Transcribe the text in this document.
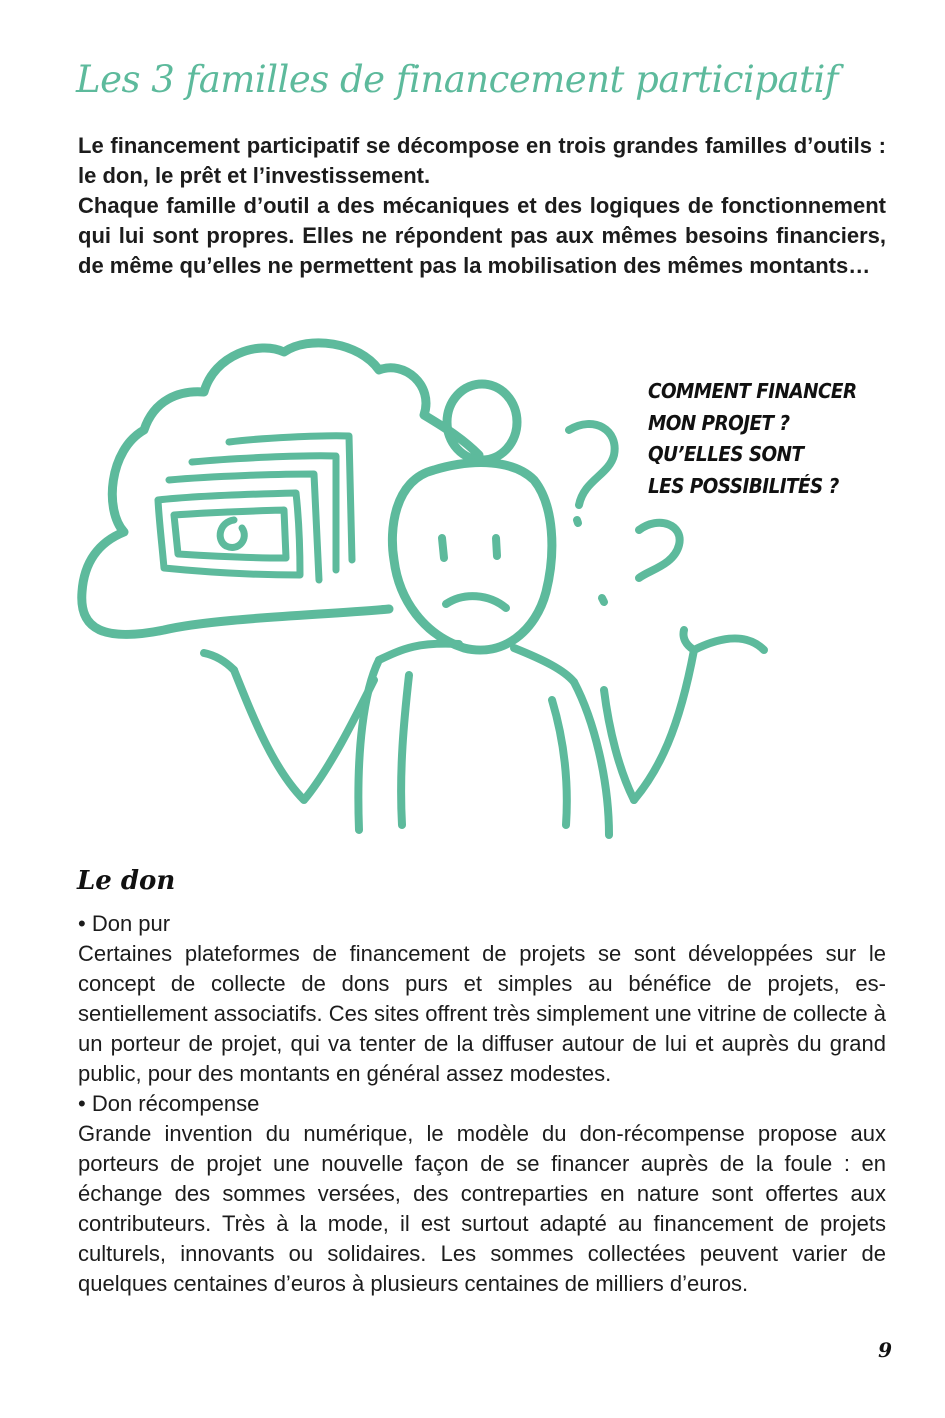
Les 3 familles de financement participatif

Le financement participatif se décompose en trois grandes familles d’outils : le don, le prêt et l’investissement.

Chaque famille d’outil a des mécaniques et des logiques de fonctionnement qui lui sont propres. Elles ne répondent pas aux mêmes besoins financiers, de même qu’elles ne permettent pas la mobilisation des mêmes montants…

COMMENT FINANCER
MON PROJET ?
QU’ELLES SONT
LES POSSIBILITÉS ?
Le don

• Don pur

Certaines plateformes de financement de projets se sont développées sur le concept de collecte de dons purs et simples au bénéfice de projets, essentiellement associatifs. Ces sites offrent très simplement une vitrine de collecte à un porteur de projet, qui va tenter de la diffuser autour de lui et auprès du grand public, pour des montants en général assez modestes.

• Don récompense

Grande invention du numérique, le modèle du don-récompense propose aux porteurs de projet une nouvelle façon de se financer auprès de la foule : en échange des sommes versées, des contreparties en nature sont offertes aux contributeurs. Très à la mode, il est surtout adapté au financement de projets culturels, innovants ou solidaires. Les sommes collectées peuvent varier de quelques centaines d’euros à plusieurs centaines de milliers d’euros.

9
